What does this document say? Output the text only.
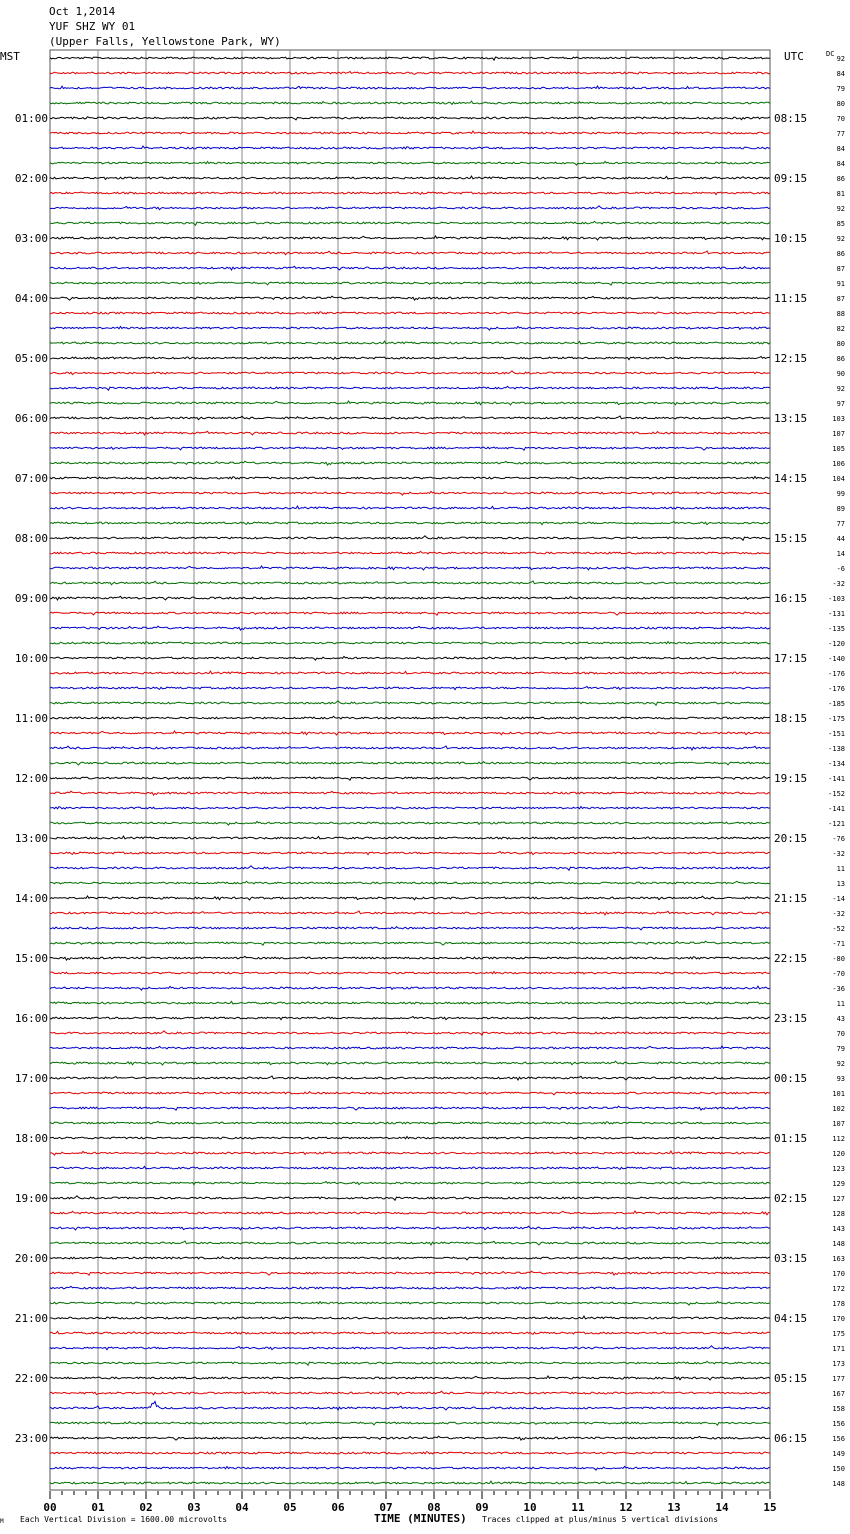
00	01	02	03	04	05	06	07	08	09	10	11	12	13	14	15
MST	UTC
01:00
02:00
03:00
04:00
05:00
06:00
07:00
08:00
09:00
10:00
11:00
12:00
13:00
14:00
15:00
16:00
17:00
18:00
19:00
20:00
21:00
22:00
23:00
08:15
09:15
10:15
11:15
12:15
13:15
14:15
15:15
16:15
17:15
18:15
19:15
20:15
21:15
22:15
23:15
00:15
01:15
02:15
03:15
04:15
05:15
06:15
DC
92
84
79
80
70
77
84
84
86
81
92
85
92
86
87
91
87
88
82
80
86
90
92
97
103
107
105
106
104
99
89
77
44
14
-6
-32
-103
-131
-135
-120
-140
-176
-176
-185
-175
-151
-138
-134
-141
-152
-141
-121
-76
-32
11
13
-14
-32
-52
-71
-80
-70
-36
11
43
70
79
92
93
101
102
107
112
120
123
129
127
128
143
148
163
170
172
178
170
175
171
173
177
167
158
156
156
149
150
148
Oct 1,2014
YUF SHZ WY 01
(Upper Falls, Yellowstone Park, WY)
Each Vertical Division = 1600.00 microvolts	TIME (MINUTES) Traces clipped at plus/minus 5 vertical divisions
M
